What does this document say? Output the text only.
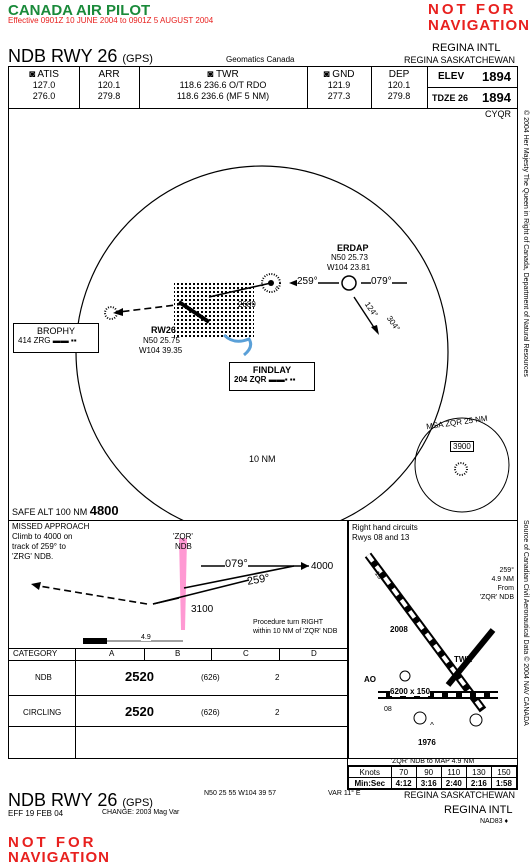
CANADA AIR PILOT
Effective 0901Z 10 JUNE 2004 to 0901Z 5 AUGUST 2004
NOT FOR
NAVIGATION
NDB RWY 26 (GPS)	Geomatics Canada
REGINA INTL
REGINA SASKATCHEWAN
◙ ATIS
127.0
276.0
ARR
120.1
279.8
◙ TWR
118.6 236.6 O/T RDO
118.6 236.6 (MF 5 NM)
◙ GND
121.9
277.3
DEP
120.1
279.8
ELEV 1894
TDZE 26 1894
^
CYQR
2689
ERDAP
N50 25.73
W104 23.81
259°	079°
304°
124°
BROPHY
414 ZRG ▬▬ ▪▪
RW26
N50 25.75
W104 39.35
FINDLAY
204 ZQR ▬▬▪ ▪▪
10 NM
MSA ZQR 25 NM
3900
SAFE ALT 100 NM 4800
MISSED APPROACH
Climb to 4000 on
track of 259° to
'ZRG' NDB.
'ZQR'
NDB
079°
259°
4000
3100
4.9
Procedure turn RIGHT
within 10 NM of 'ZQR' NDB
CATEGORY	A	B	C	D
NDB	2520	(626)	2
CIRCLING	2520	(626)	2
^
Right hand circuits
Rwys 08 and 13
259°
4.9 NM
From
'ZQR' NDB
2008
1976
6200 x 150
TWR
AO
08
13
'ZQR' NDB to MAP 4.9 NM
Knots	70	90	110	130	150
Min:Sec	4:12	3:16	2:40	2:16	1:58
© 2004 Her Majesty The Queen in Right of Canada, Department of Natural Resources
Source of Canadian Civil Aeronautical Data © 2004 NAV CANADA
NDB RWY 26 (GPS)
N50 25 55 W104 39 57	VAR 11° E	REGINA SASKATCHEWAN
EFF 19 FEB 04	CHANGE: 2003 Mag Var	REGINA INTL
NAD83 ♦
NOT FOR
NAVIGATION
